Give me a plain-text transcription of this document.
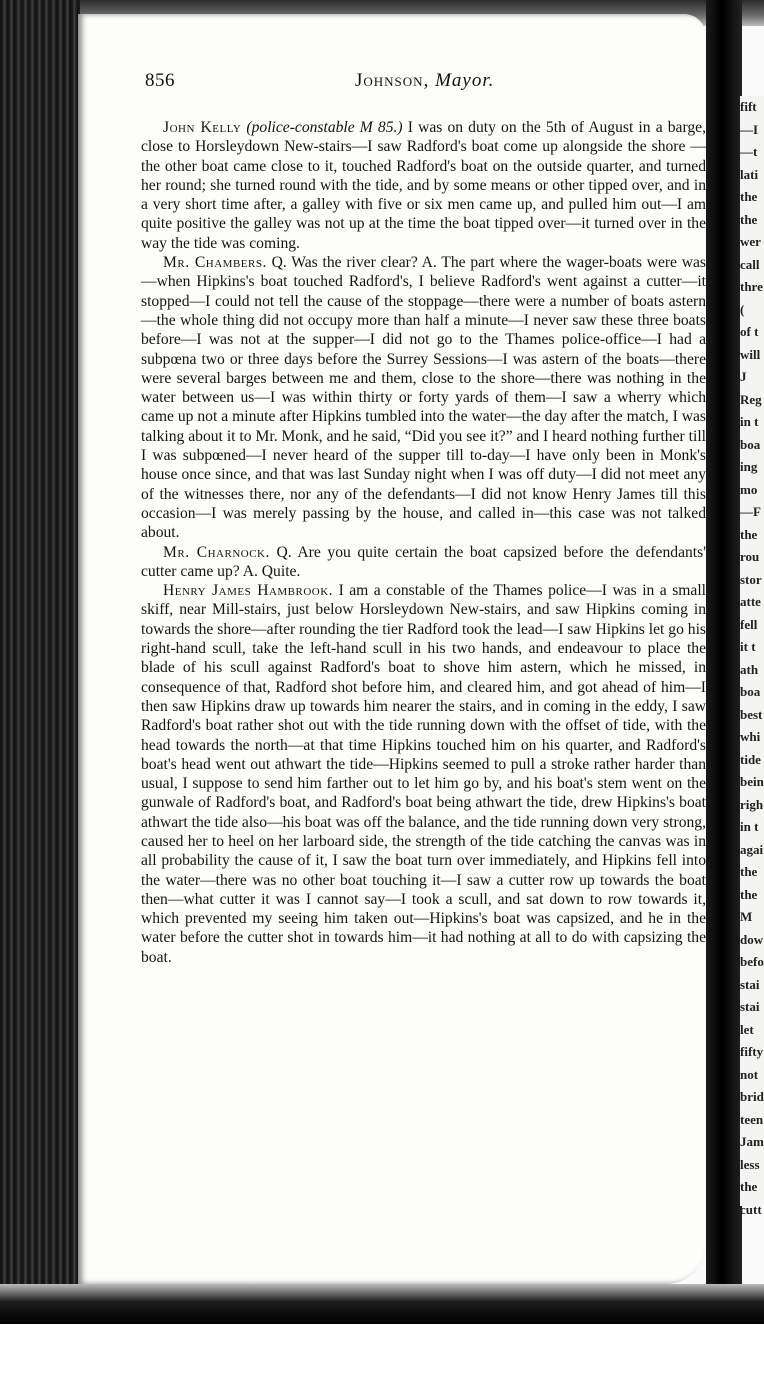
fift
—I
—t
lati
the
the
wer
call
thre
(
of t
will
J
Reg
in t
boa
ing
mo
—F
the
rou
stor
atte
fell
it t
ath
boa
best
whi
tide
bein
righ
in t
agai
the
the
M
dow
befo
stai
stai
let
fifty
not
brid
teen
Jam
less
the
cutt
856	Johnson, Mayor.

John Kelly (police-constable M 85.) I was on duty on the 5th of August in a barge, close to Horsleydown New-stairs—I saw Radford's boat come up alongside the shore — the other boat came close to it, touched Radford's boat on the outside quarter, and turned her round; she turned round with the tide, and by some means or other tipped over, and in a very short time after, a galley with five or six men came up, and pulled him out—I am quite positive the galley was not up at the time the boat tipped over—it turned over in the way the tide was coming.

Mr. Chambers. Q. Was the river clear? A. The part where the wager-boats were was—when Hipkins's boat touched Radford's, I believe Radford's went against a cutter—it stopped—I could not tell the cause of the stoppage—there were a number of boats astern—the whole thing did not occupy more than half a minute—I never saw these three boats before—I was not at the supper—I did not go to the Thames police-office—I had a subpœna two or three days before the Surrey Sessions—I was astern of the boats—there were several barges between me and them, close to the shore—there was nothing in the water between us—I was within thirty or forty yards of them—I saw a wherry which came up not a minute after Hipkins tumbled into the water—the day after the match, I was talking about it to Mr. Monk, and he said, “Did you see it?” and I heard nothing further till I was subpœned—I never heard of the supper till to-day—I have only been in Monk's house once since, and that was last Sunday night when I was off duty—I did not meet any of the witnesses there, nor any of the defendants—I did not know Henry James till this occasion—I was merely passing by the house, and called in—this case was not talked about.

Mr. Charnock. Q. Are you quite certain the boat capsized before the defendants' cutter came up? A. Quite.

Henry James Hambrook. I am a constable of the Thames police—I was in a small skiff, near Mill-stairs, just below Horsleydown New-stairs, and saw Hipkins coming in towards the shore—after rounding the tier Radford took the lead—I saw Hipkins let go his right-hand scull, take the left-hand scull in his two hands, and endeavour to place the blade of his scull against Radford's boat to shove him astern, which he missed, in consequence of that, Radford shot before him, and cleared him, and got ahead of him—I then saw Hipkins draw up towards him nearer the stairs, and in coming in the eddy, I saw Radford's boat rather shot out with the tide running down with the offset of tide, with the head towards the north—at that time Hipkins touched him on his quarter, and Radford's boat's head went out athwart the tide—Hipkins seemed to pull a stroke rather harder than usual, I suppose to send him farther out to let him go by, and his boat's stem went on the gunwale of Radford's boat, and Radford's boat being athwart the tide, drew Hipkins's boat athwart the tide also—his boat was off the balance, and the tide running down very strong, caused her to heel on her larboard side, the strength of the tide catching the canvas was in all probability the cause of it, I saw the boat turn over immediately, and Hipkins fell into the water—there was no other boat touching it—I saw a cutter row up towards the boat then—what cutter it was I cannot say—I took a scull, and sat down to row towards it, which prevented my seeing him taken out—Hipkins's boat was capsized, and he in the water before the cutter shot in towards him—it had nothing at all to do with capsizing the boat.
